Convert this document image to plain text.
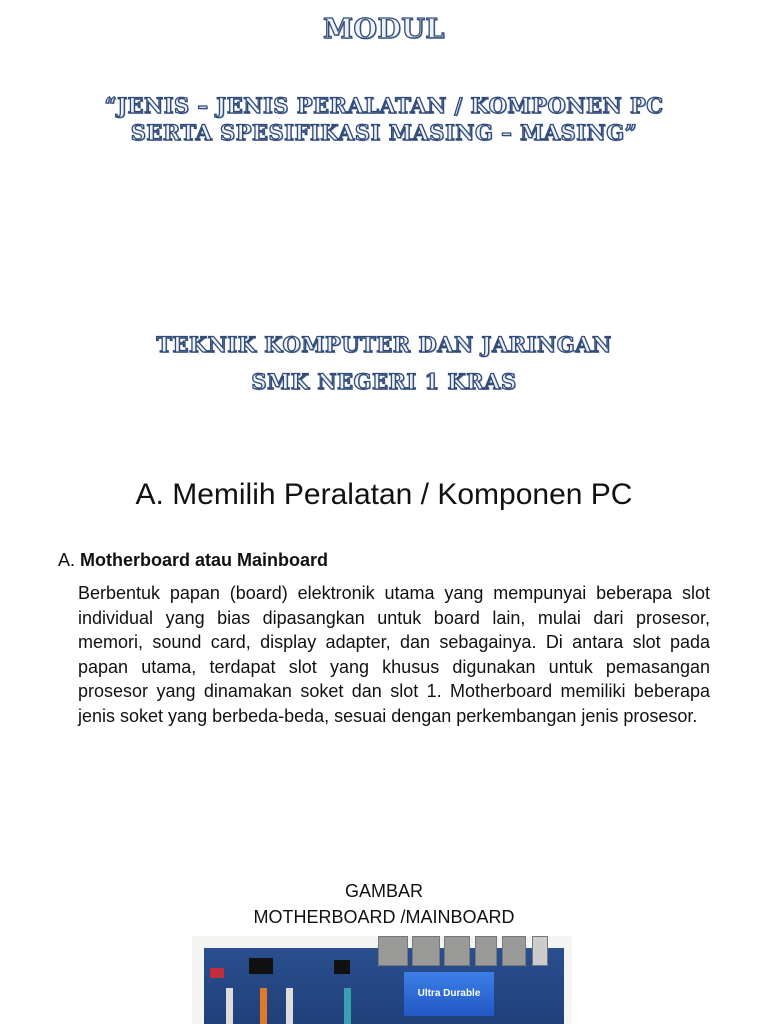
MODUL
“JENIS – JENIS PERALATAN / KOMPONEN PC
SERTA SPESIFIKASI MASING – MASING”
TEKNIK KOMPUTER DAN JARINGAN
SMK NEGERI 1 KRAS
A. Memilih Peralatan / Komponen PC
A. Motherboard atau Mainboard
Berbentuk papan (board) elektronik utama yang mempunyai beberapa slot individual yang bias dipasangkan untuk board lain, mulai dari prosesor, memori, sound card, display adapter, dan sebagainya. Di antara slot pada papan utama, terdapat slot yang khusus digunakan untuk pemasangan prosesor yang dinamakan soket dan slot 1. Motherboard memiliki beberapa jenis soket yang berbeda-beda, sesuai dengan perkembangan jenis prosesor.
GAMBAR
MOTHERBOARD /MAINBOARD
Ultra Durable
